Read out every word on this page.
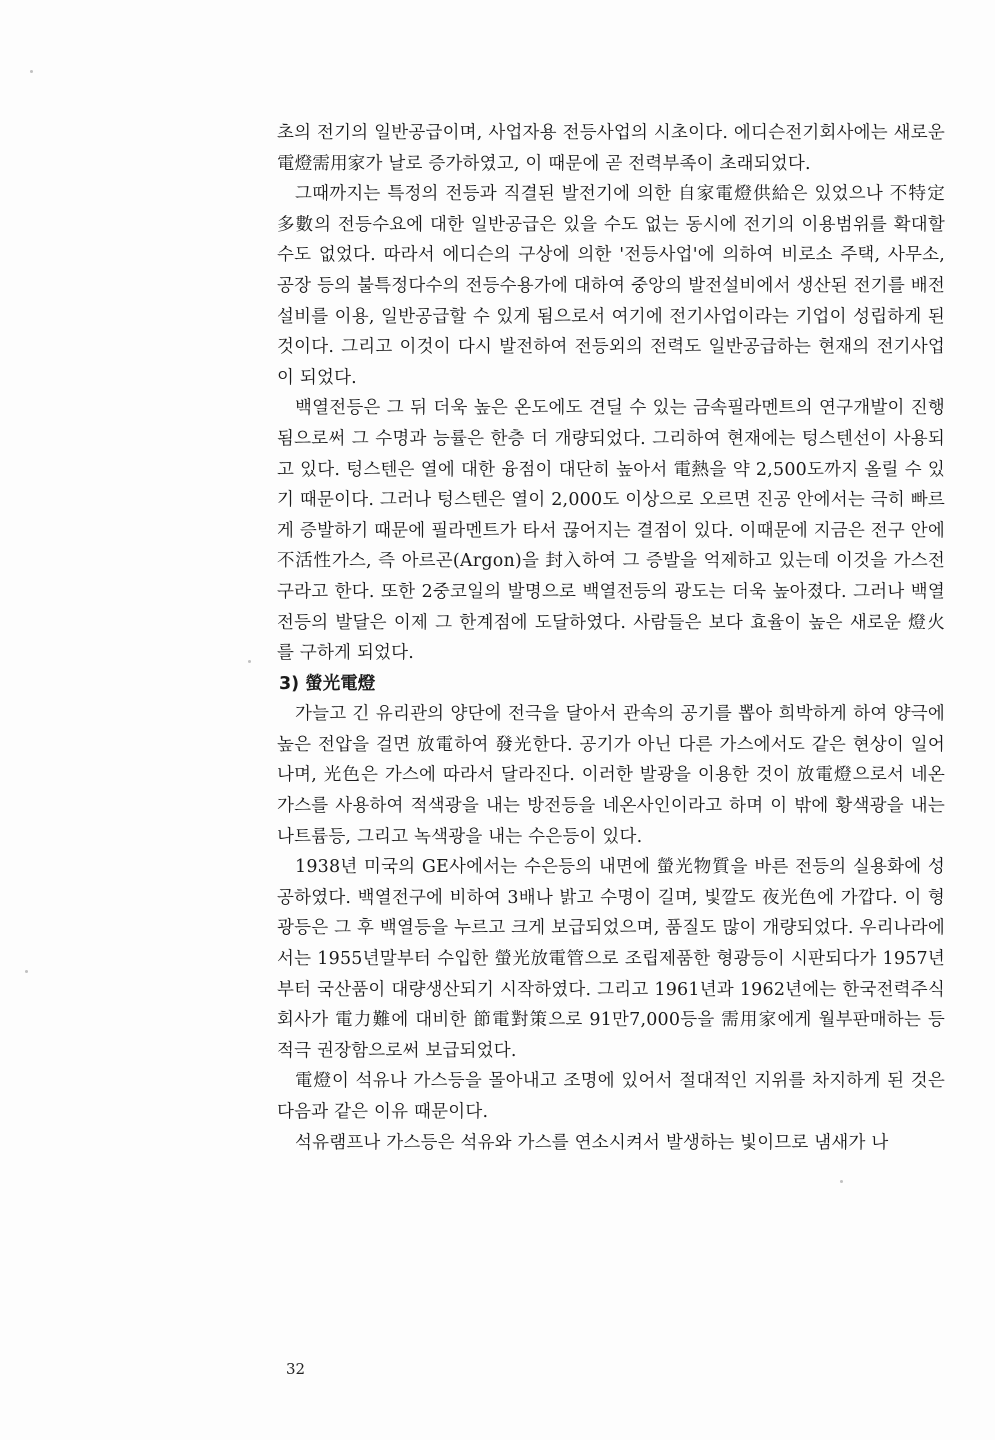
초의 전기의 일반공급이며, 사업자용 전등사업의 시초이다. 에디슨전기회사에는 새로운 電燈需用家가 날로 증가하였고, 이 때문에 곧 전력부족이 초래되었다.

그때까지는 특정의 전등과 직결된 발전기에 의한 自家電燈供給은 있었으나 不特定多數의 전등수요에 대한 일반공급은 있을 수도 없는 동시에 전기의 이용범위를 확대할 수도 없었다. 따라서 에디슨의 구상에 의한 '전등사업'에 의하여 비로소 주택, 사무소, 공장 등의 불특정다수의 전등수용가에 대하여 중앙의 발전설비에서 생산된 전기를 배전설비를 이용, 일반공급할 수 있게 됨으로서 여기에 전기사업이라는 기업이 성립하게 된 것이다. 그리고 이것이 다시 발전하여 전등외의 전력도 일반공급하는 현재의 전기사업이 되었다.

백열전등은 그 뒤 더욱 높은 온도에도 견딜 수 있는 금속필라멘트의 연구개발이 진행됨으로써 그 수명과 능률은 한층 더 개량되었다. 그리하여 현재에는 텅스텐선이 사용되고 있다. 텅스텐은 열에 대한 융점이 대단히 높아서 電熱을 약 2,500도까지 올릴 수 있기 때문이다. 그러나 텅스텐은 열이 2,000도 이상으로 오르면 진공 안에서는 극히 빠르게 증발하기 때문에 필라멘트가 타서 끊어지는 결점이 있다. 이때문에 지금은 전구 안에 不活性가스, 즉 아르곤(Argon)을 封入하여 그 증발을 억제하고 있는데 이것을 가스전구라고 한다. 또한 2중코일의 발명으로 백열전등의 광도는 더욱 높아졌다. 그러나 백열전등의 발달은 이제 그 한계점에 도달하였다. 사람들은 보다 효율이 높은 새로운 燈火를 구하게 되었다.

3) 螢光電燈

가늘고 긴 유리관의 양단에 전극을 달아서 관속의 공기를 뽑아 희박하게 하여 양극에 높은 전압을 걸면 放電하여 發光한다. 공기가 아닌 다른 가스에서도 같은 현상이 일어나며, 光色은 가스에 따라서 달라진다. 이러한 발광을 이용한 것이 放電燈으로서 네온가스를 사용하여 적색광을 내는 방전등을 네온사인이라고 하며 이 밖에 황색광을 내는 나트륨등, 그리고 녹색광을 내는 수은등이 있다.

1938년 미국의 GE사에서는 수은등의 내면에 螢光物質을 바른 전등의 실용화에 성공하였다. 백열전구에 비하여 3배나 밝고 수명이 길며, 빛깔도 夜光色에 가깝다. 이 형광등은 그 후 백열등을 누르고 크게 보급되었으며, 품질도 많이 개량되었다. 우리나라에서는 1955년말부터 수입한 螢光放電管으로 조립제품한 형광등이 시판되다가 1957년부터 국산품이 대량생산되기 시작하였다. 그리고 1961년과 1962년에는 한국전력주식회사가 電力難에 대비한 節電對策으로 91만7,000등을 需用家에게 월부판매하는 등 적극 권장함으로써 보급되었다.

電燈이 석유나 가스등을 몰아내고 조명에 있어서 절대적인 지위를 차지하게 된 것은 다음과 같은 이유 때문이다.

석유램프나 가스등은 석유와 가스를 연소시켜서 발생하는 빛이므로 냄새가 나

32
